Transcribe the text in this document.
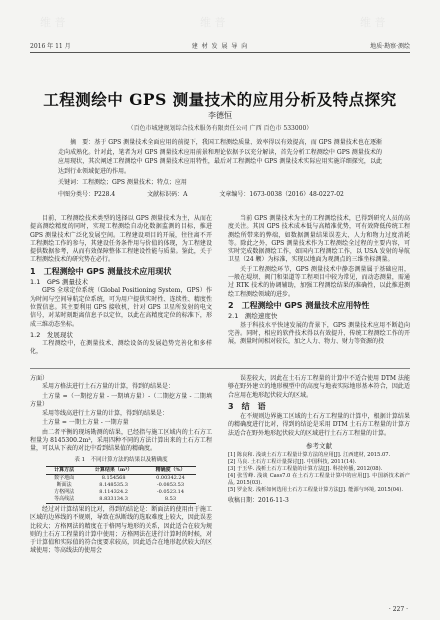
维 普	维 普	维 普
2016 年 11 月	建 材 发 展 导 向	地质·勘察·测绘
工程测绘中 GPS 测量技术的应用分析及特点探究
李德恒
（百色市城建规划综合技术服务有限责任公司 广西 百色市 533000）
摘　要：基于 GPS 测量技术全面应用的前提下，我国工程测绘质量、效率得以有效提高，而 GPS 测量技术也在逐渐走向成熟化。针对此，笔者为对 GPS 测量技术应用前景和理论依据予以充分解读，首先分析工程测绘中 GPS 测量技术的应用现状，其次阐述工程测绘中 GPS 测量技术应用特性，最后对工程测绘中 GPS 测量技术实际应用实施详细探究，以此达到行业领域促进的作用。
关键词：工程测绘；GPS 测量技术；特点；应用
中图分类号：P228.4	文献标识码：A	文章编号：1673-0038（2016）48-0227-02

目前，工程测绘技术类型的选择以 GPS 测量技术为主，从而在提高测绘精度的同时，实现工程测绘自动化数据监测的目标，推进 GPS 测量技术广泛化发展空间。工程建设项目的开展，往往离不开工程测绘工作的参与，其建设任务条件用与价值的体现，为工程建设提供数据参考，从而有效保障整体工程建设性能与质量。鉴此，关于工程测绘技术的研究势在必行。

1　工程测绘中 GPS 测量技术应用现状
1.1　GPS 测量技术

GPS 全球定位系统（Global Positioning System，GPS）作为时间与空间导航定位系统，可为用户提供实时性、连续性、精度性位置信息。其主要利用 GPS 接收机，针对 GPS 卫星所发射的电文信号，对某时刻距离信息予以定位，以此在高精度定位的标准下，形成三维动态坐标。

1.2　发展现状

工程测绘中，在测量技术、测绘设备的发展趋势完善化和多样化，

当前 GPS 测量技术为主的工程测绘技术，已得到研究人员的高度关注。其因 GPS 技术成本低与高精准优势，可有效降低传统工程测绘所带来的弊端，如数据测量结果误差大、人力和物力过度消耗等。除此之外，GPS 测量技术作为工程测绘全过程的主要内容，可实时完成数据测绘工作，如国内工程测绘工作，以 USA 发射的导航卫星（24 颗）为标准，实现以地面为观测点的三维坐标测量。

关于工程测绘环节，GPS 测量技术中静态测量属于基础应用，一般在堤坝、阀门和渠道等工程项目中较为常见，而动态测量，需通过 RTK 技术的协调辅助，加强工程测绘结果的准确性，以此推进测绘工程测绘领域的进步。

2　工程测绘中 GPS 测量技术应用特性
2.1　测绘速度快

基于科技水平快速发展的背景下，GPS 测量技术应用不断趋向完善。同时，相应的软件技术得以有效提升，传统工程测绘工作的开展，测量时间相对较长，加之人力、物力、财力等资源的投

方面）

采用方格法进行土石方量的计算，得到的结果是：

土方量 =（一期挖方量 - 一期填方量）-（二期挖方量 - 二期填方量）

采用等线高进行土方量的计算，得到的结果是：

土方量 = 一期土方量 - 一期方量

由二者平衡的现场勘测的结果，已经指与施工区域内的土石方工程量为 8145300.2m³，采用四种不同的方法计算出来的土石方工程量，可以从下表的对比中看到结果值的精确度。

表 1　不同计算方法的结果以及精确度
计算方法	计算结果（m³）	精确度（%）
数字地面	8.154568	0.00342.24
断面法	8.148535.3	-0.0853.53
方格网法	8.114324.2	-0.0523.14
等高线法	8.833134.3	8.53

经过对计算结果的比对，得到的结论是：断面法的使用由于施工区域的边界线的不规则，导致在纵断线的选取难度上较大，因此误差比较大；方格网法的精度在于格网与地形的关系，因此适合在较为规则的土石方工程量的计算中使用；方格网法在进行计算时的时候，对于计算值和实际值的符合度要求较高，因此适合在地形起伏较大的区域使用；等高线法的使用会

误差较大，因此在土石方工程量的计算中不适合使用 DTM 法能够在野外建立的地形模型中的高度与地表实际地形基本符合，因此适合应用在地形起伏较大的区域。

3　结　语

在不规则边界施工区域的土石方工程量的计算中，根据计算结果的精确度进行比对，得到的结论是采用 DTM 土石方工程量的计算方法适合在野外地形起伏较大的区域进行土石方工程量的计算。

参考文献

[1] 陈良和. 浅谈土石方工程量计算方法的应用[J]. 江西建材, 2015.07.

[2] 马良. 土石方工程计量探讨[J]. 中国科技, 2011(14).

[3] 于玉华. 浅析土石方工程量的计算方法[J]. 科技传播, 2012(08).

[4] 张雪峰. 浅谈 Cass7.0 在土石方工程量计算中的应用[J]. 中国新技术新产品, 2015(03).

[5] 罗金发. 浅析如何选用土石方工程量计算方法[J]. 能源与环境, 2015(04).

收稿日期：2016-11-3
· 227 ·
